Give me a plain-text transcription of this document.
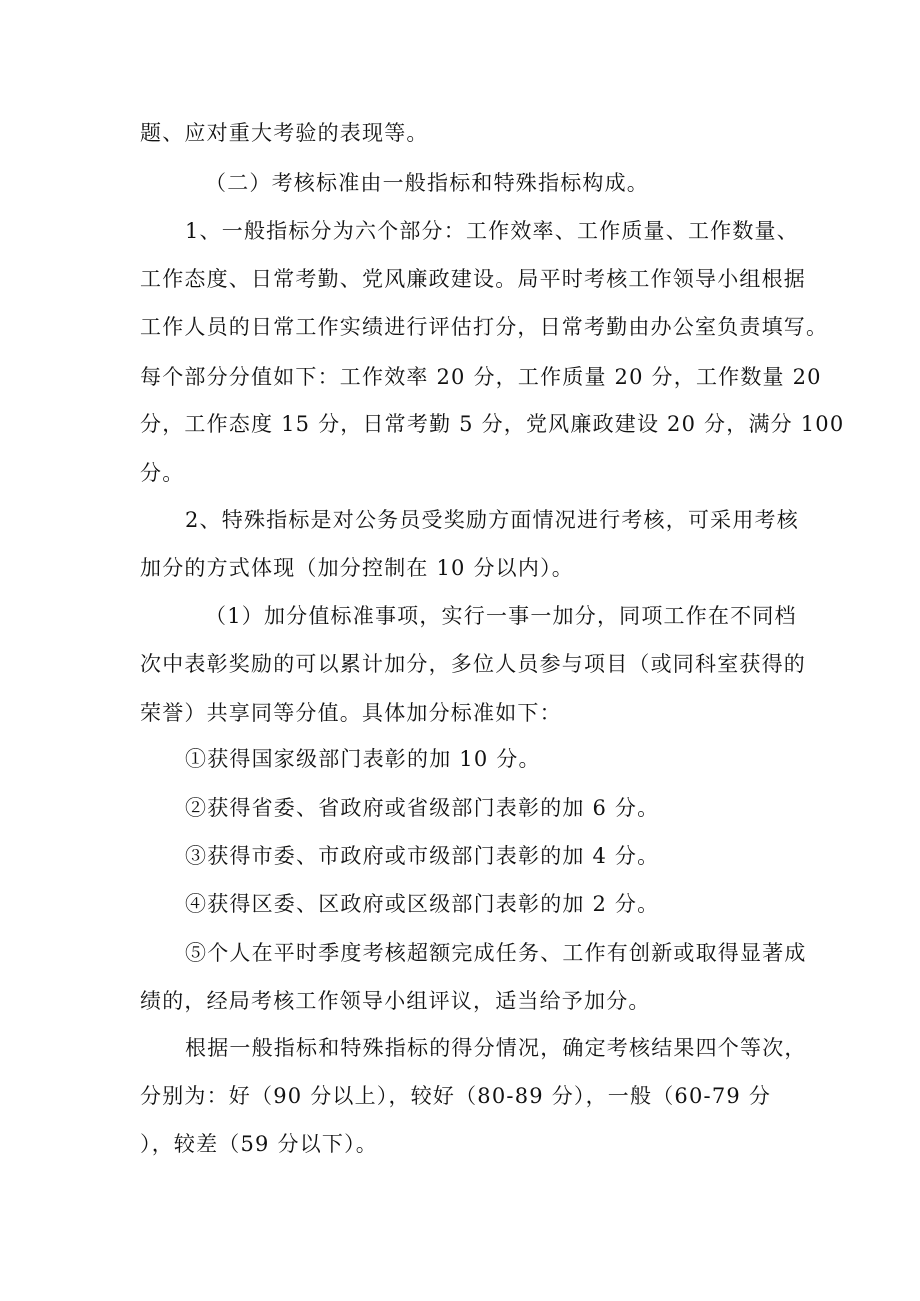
题、应对重大考验的表现等。
（二）考核标准由一般指标和特殊指标构成。
1、一般指标分为六个部分：工作效率、工作质量、工作数量、
工作态度、日常考勤、党风廉政建设。局平时考核工作领导小组根据
工作人员的日常工作实绩进行评估打分，日常考勤由办公室负责填写。
每个部分分值如下：工作效率 20 分，工作质量 20 分，工作数量 20
分，工作态度 15 分，日常考勤 5 分，党风廉政建设 20 分，满分 100
分。
2、特殊指标是对公务员受奖励方面情况进行考核，可采用考核
加分的方式体现（加分控制在 10 分以内）。
（1）加分值标准事项，实行一事一加分，同项工作在不同档
次中表彰奖励的可以累计加分，多位人员参与项目（或同科室获得的
荣誉）共享同等分值。具体加分标准如下：
①获得国家级部门表彰的加 10 分。
②获得省委、省政府或省级部门表彰的加 6 分。
③获得市委、市政府或市级部门表彰的加 4 分。
④获得区委、区政府或区级部门表彰的加 2 分。
⑤个人在平时季度考核超额完成任务、工作有创新或取得显著成
绩的，经局考核工作领导小组评议，适当给予加分。
根据一般指标和特殊指标的得分情况，确定考核结果四个等次，
分别为：好（90 分以上），较好（80-89 分），一般（60-79 分
），较差（59 分以下）。
